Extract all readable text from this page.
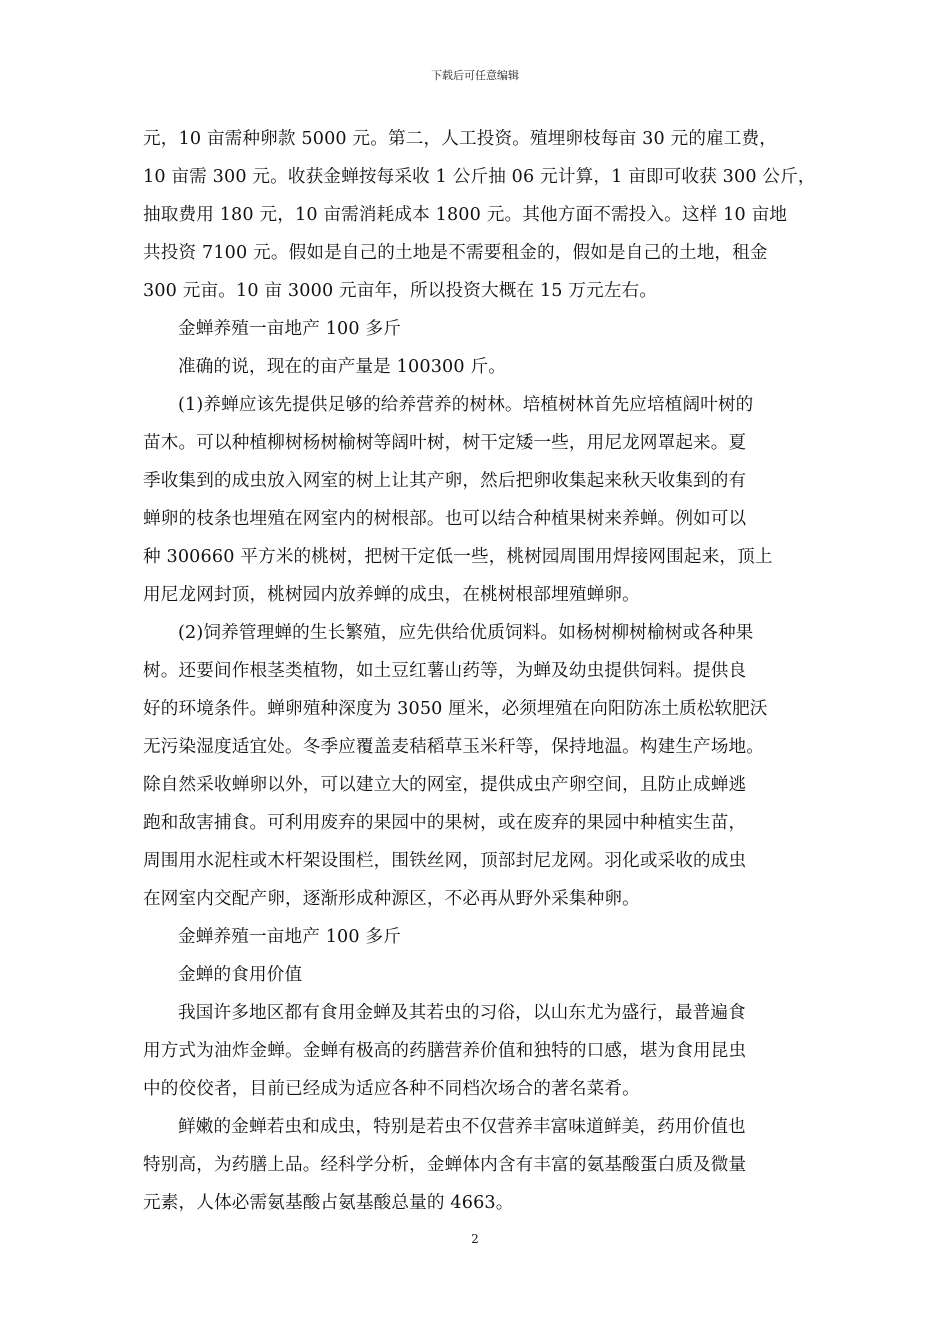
下载后可任意编辑
元，10 亩需种卵款 5000 元。第二，人工投资。殖埋卵枝每亩 30 元的雇工费，
10 亩需 300 元。收获金蝉按每采收 1 公斤抽 06 元计算，1 亩即可收获 300 公斤，
抽取费用 180 元，10 亩需消耗成本 1800 元。其他方面不需投入。这样 10 亩地
共投资 7100 元。假如是自己的土地是不需要租金的，假如是自己的土地，租金
300 元亩。10 亩 3000 元亩年，所以投资大概在 15 万元左右。
金蝉养殖一亩地产 100 多斤
准确的说，现在的亩产量是 100300 斤。
(1)养蝉应该先提供足够的给养营养的树林。培植树林首先应培植阔叶树的
苗木。可以种植柳树杨树榆树等阔叶树，树干定矮一些，用尼龙网罩起来。夏
季收集到的成虫放入网室的树上让其产卵，然后把卵收集起来秋天收集到的有
蝉卵的枝条也埋殖在网室内的树根部。也可以结合种植果树来养蝉。例如可以
种 300660 平方米的桃树，把树干定低一些，桃树园周围用焊接网围起来，顶上
用尼龙网封顶，桃树园内放养蝉的成虫，在桃树根部埋殖蝉卵。
(2)饲养管理蝉的生长繁殖，应先供给优质饲料。如杨树柳树榆树或各种果
树。还要间作根茎类植物，如土豆红薯山药等，为蝉及幼虫提供饲料。提供良
好的环境条件。蝉卵殖种深度为 3050 厘米，必须埋殖在向阳防冻土质松软肥沃
无污染湿度适宜处。冬季应覆盖麦秸稻草玉米秆等，保持地温。构建生产场地。
除自然采收蝉卵以外，可以建立大的网室，提供成虫产卵空间，且防止成蝉逃
跑和敌害捕食。可利用废弃的果园中的果树，或在废弃的果园中种植实生苗，
周围用水泥柱或木杆架设围栏，围铁丝网，顶部封尼龙网。羽化或采收的成虫
在网室内交配产卵，逐渐形成种源区，不必再从野外采集种卵。
金蝉养殖一亩地产 100 多斤
金蝉的食用价值
我国许多地区都有食用金蝉及其若虫的习俗，以山东尤为盛行，最普遍食
用方式为油炸金蝉。金蝉有极高的药膳营养价值和独特的口感，堪为食用昆虫
中的佼佼者，目前已经成为适应各种不同档次场合的著名菜肴。
鲜嫩的金蝉若虫和成虫，特别是若虫不仅营养丰富味道鲜美，药用价值也
特别高，为药膳上品。经科学分析，金蝉体内含有丰富的氨基酸蛋白质及微量
元素，人体必需氨基酸占氨基酸总量的 4663。
2
